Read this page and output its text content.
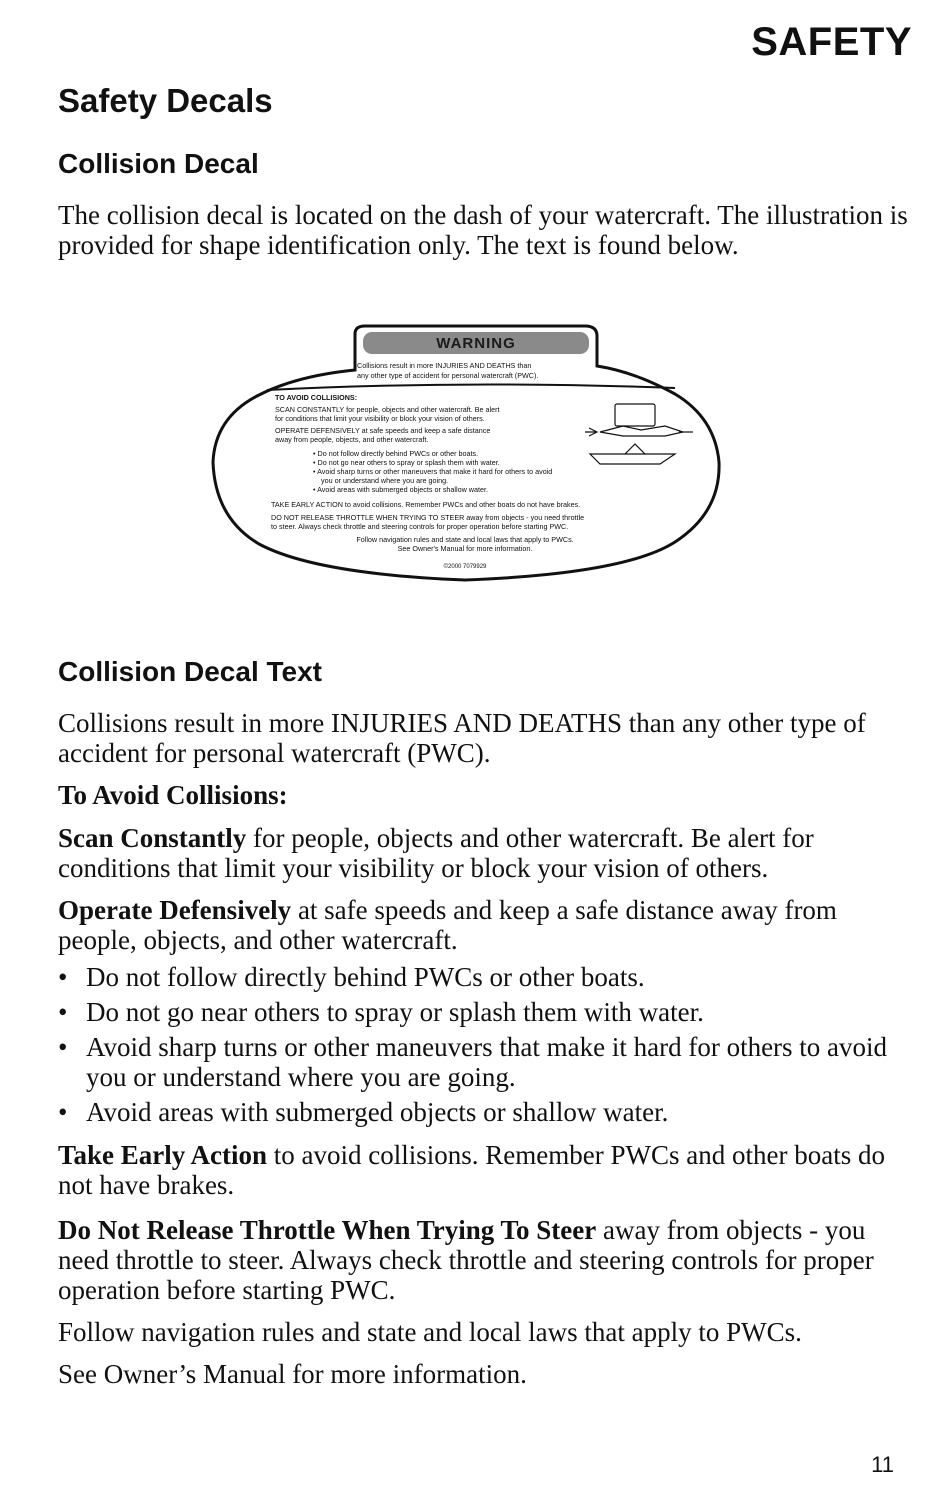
SAFETY
Safety Decals
Collision Decal

The collision decal is located on the dash of your watercraft. The illustration is provided for shape identification only. The text is found below.

WARNING
Collisions result in more INJURIES AND DEATHS than
any other type of accident for personal watercraft (PWC).
TO AVOID COLLISIONS:
SCAN CONSTANTLY for people, objects and other watercraft. Be alert
for conditions that limit your visibility or block your vision of others.
OPERATE DEFENSIVELY at safe speeds and keep a safe distance
away from people, objects, and other watercraft.
• Do not follow directly behind PWCs or other boats.
• Do not go near others to spray or splash them with water.
• Avoid sharp turns or other maneuvers that make it hard for others to avoid
you or understand where you are going.
• Avoid areas with submerged objects or shallow water.
TAKE EARLY ACTION to avoid collisions. Remember PWCs and other boats do not have brakes.
DO NOT RELEASE THROTTLE WHEN TRYING TO STEER away from objects - you need throttle
to steer. Always check throttle and steering controls for proper operation before starting PWC.
Follow navigation rules and state and local laws that apply to PWCs.
See Owner's Manual for more information.
©2000 7079929
Collision Decal Text

Collisions result in more INJURIES AND DEATHS than any other type of accident for personal watercraft (PWC).

To Avoid Collisions:

Scan Constantly for people, objects and other watercraft. Be alert for conditions that limit your visibility or block your vision of others.

Operate Defensively at safe speeds and keep a safe distance away from people, objects, and other watercraft.

• Do not follow directly behind PWCs or other boats.
• Do not go near others to spray or splash them with water.
• Avoid sharp turns or other maneuvers that make it hard for others to avoid you or understand where you are going.
• Avoid areas with submerged objects or shallow water.

Take Early Action to avoid collisions. Remember PWCs and other boats do not have brakes.

Do Not Release Throttle When Trying To Steer away from objects - you need throttle to steer. Always check throttle and steering controls for proper operation before starting PWC.

Follow navigation rules and state and local laws that apply to PWCs.

See Owner’s Manual for more information.

11
